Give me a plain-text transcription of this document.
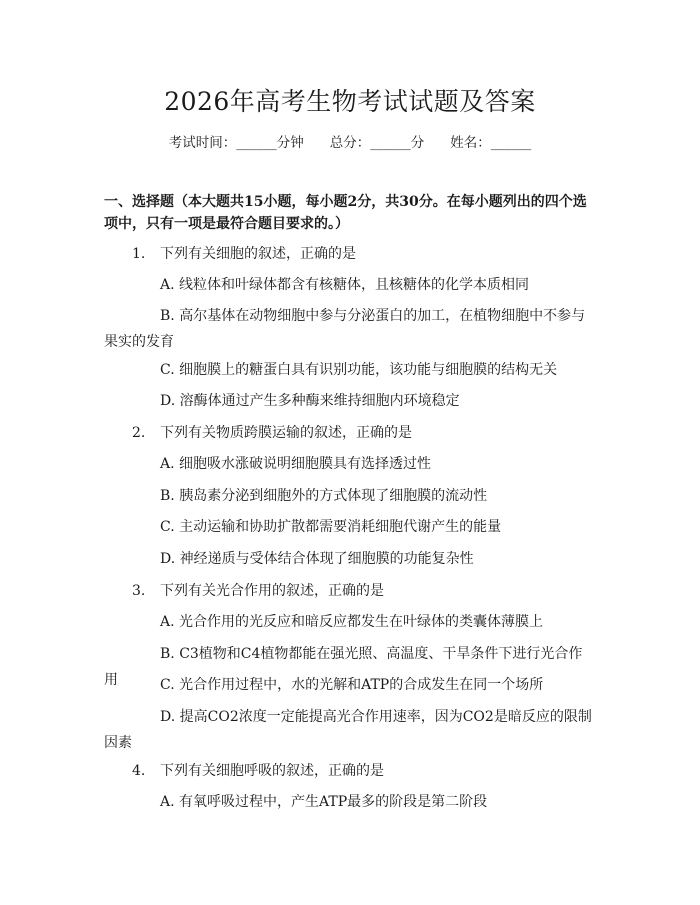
2026年高考生物考试试题及答案
考试时间：______分钟 总分：______分 姓名：______
一、选择题（本大题共15小题，每小题2分，共30分。在每小题列出的四个选项中，只有一项是最符合题目要求的。）
1. 下列有关细胞的叙述，正确的是
A. 线粒体和叶绿体都含有核糖体，且核糖体的化学本质相同
B. 高尔基体在动物细胞中参与分泌蛋白的加工，在植物细胞中不参与果实的发育
C. 细胞膜上的糖蛋白具有识别功能，该功能与细胞膜的结构无关
D. 溶酶体通过产生多种酶来维持细胞内环境稳定
2. 下列有关物质跨膜运输的叙述，正确的是
A. 细胞吸水涨破说明细胞膜具有选择透过性
B. 胰岛素分泌到细胞外的方式体现了细胞膜的流动性
C. 主动运输和协助扩散都需要消耗细胞代谢产生的能量
D. 神经递质与受体结合体现了细胞膜的功能复杂性
3. 下列有关光合作用的叙述，正确的是
A. 光合作用的光反应和暗反应都发生在叶绿体的类囊体薄膜上
B. C3植物和C4植物都能在强光照、高温度、干旱条件下进行光合作用	C. 光合作用过程中，水的光解和ATP的合成发生在同一个场所
D. 提高CO2浓度一定能提高光合作用速率，因为CO2是暗反应的限制因素
4. 下列有关细胞呼吸的叙述，正确的是
A. 有氧呼吸过程中，产生ATP最多的阶段是第二阶段
